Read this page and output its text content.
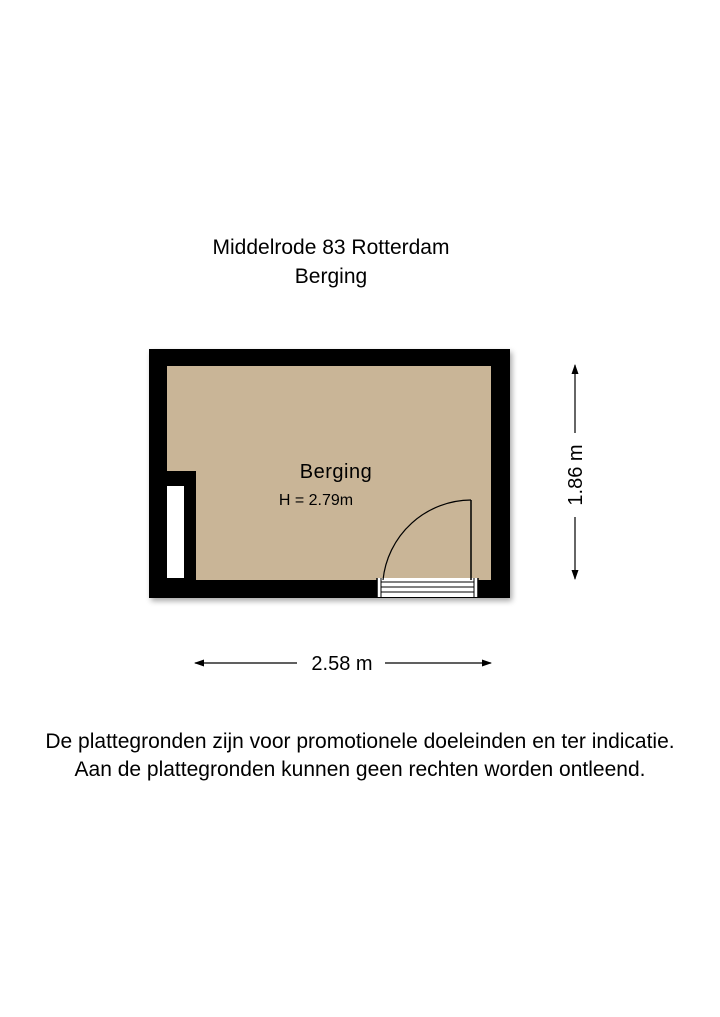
Middelrode 83 Rotterdam
Berging
Berging
H = 2.79m
2.58 m
1.86 m
De plattegronden zijn voor promotionele doeleinden en ter indicatie.
Aan de plattegronden kunnen geen rechten worden ontleend.
